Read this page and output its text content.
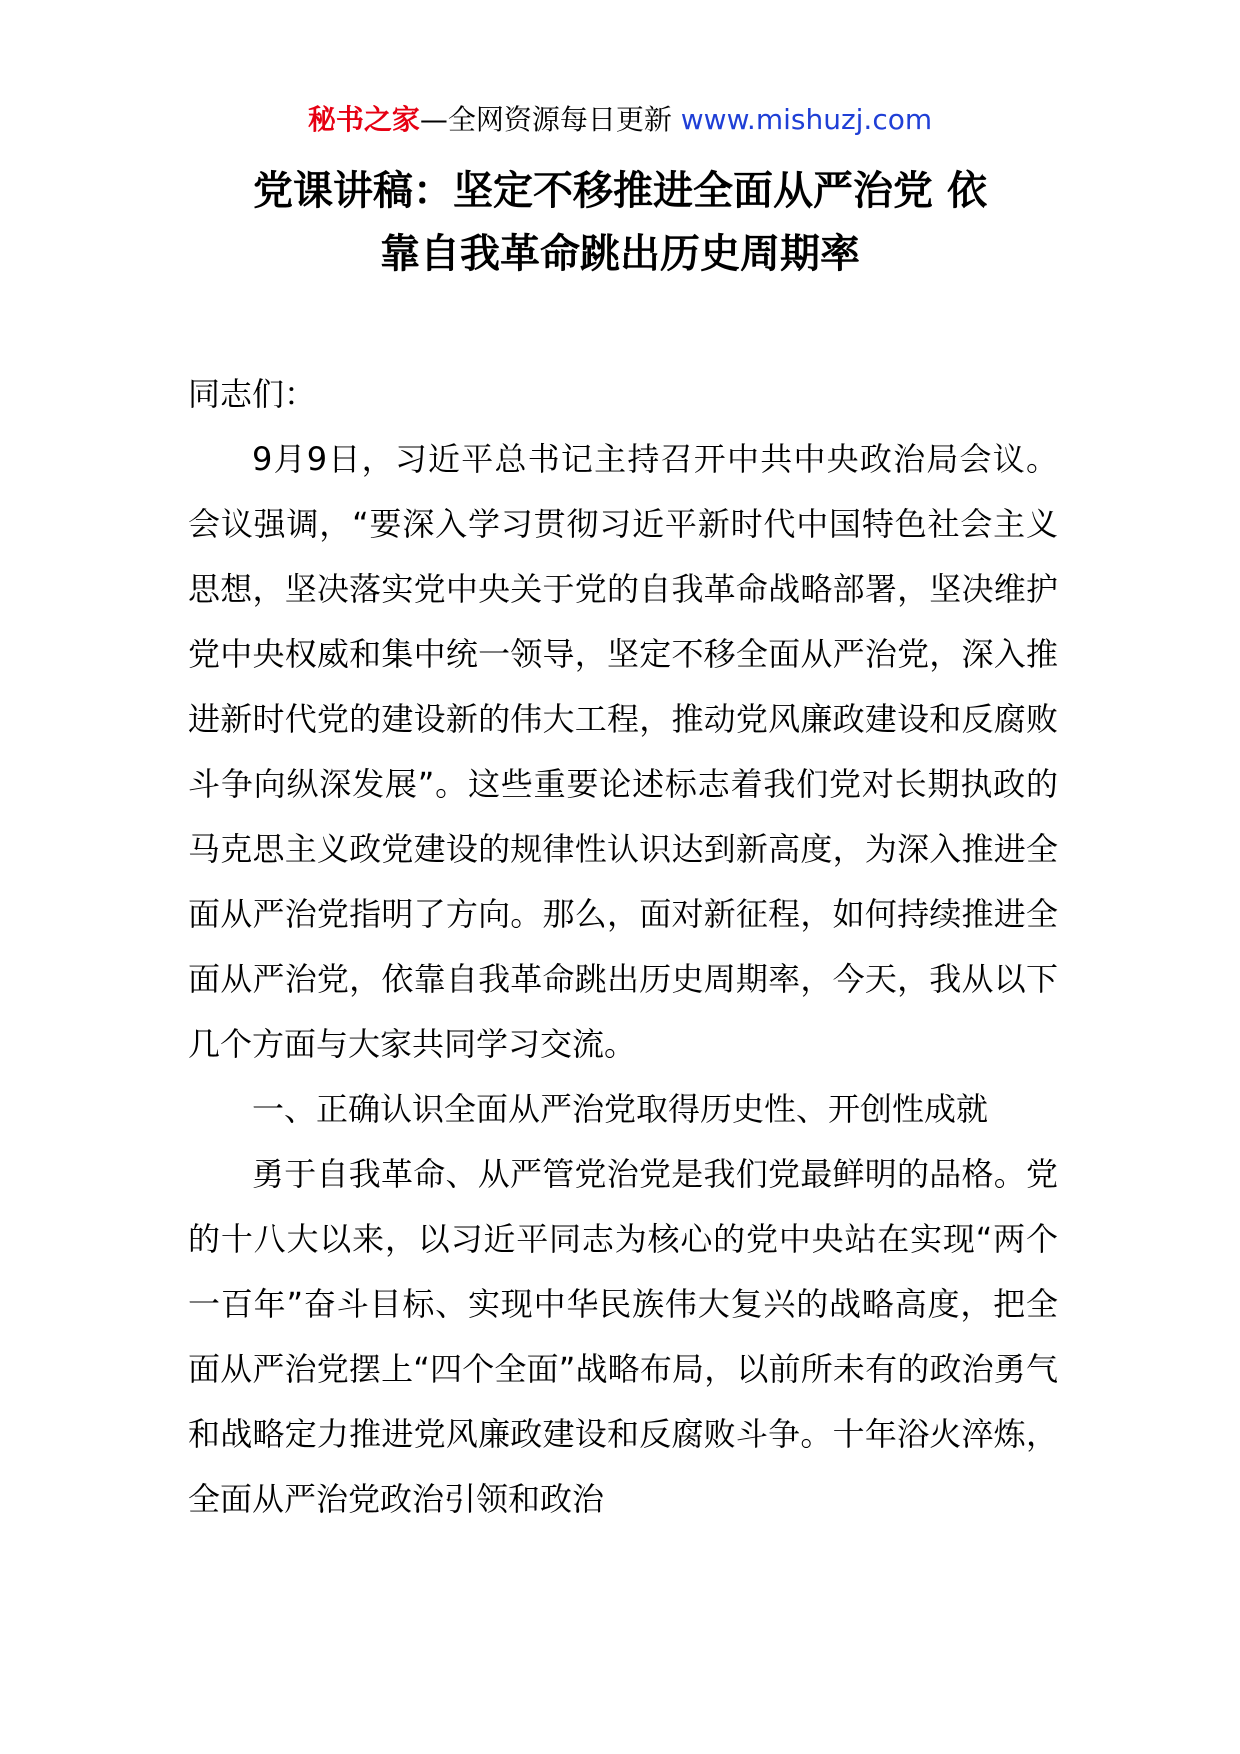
秘书之家—全网资源每日更新 www.mishuzj.com
党课讲稿：坚定不移推进全面从严治党 依
靠自我革命跳出历史周期率

同志们：

9月9日，习近平总书记主持召开中共中央政治局会议。会议强调，“要深入学习贯彻习近平新时代中国特色社会主义思想，坚决落实党中央关于党的自我革命战略部署，坚决维护党中央权威和集中统一领导，坚定不移全面从严治党，深入推进新时代党的建设新的伟大工程，推动党风廉政建设和反腐败斗争向纵深发展”。这些重要论述标志着我们党对长期执政的马克思主义政党建设的规律性认识达到新高度，为深入推进全面从严治党指明了方向。那么，面对新征程，如何持续推进全面从严治党，依靠自我革命跳出历史周期率，今天，我从以下几个方面与大家共同学习交流。

一、正确认识全面从严治党取得历史性、开创性成就

勇于自我革命、从严管党治党是我们党最鲜明的品格。党的十八大以来，以习近平同志为核心的党中央站在实现“两个一百年”奋斗目标、实现中华民族伟大复兴的战略高度，把全面从严治党摆上“四个全面”战略布局，以前所未有的政治勇气和战略定力推进党风廉政建设和反腐败斗争。十年浴火淬炼，全面从严治党政治引领和政治
